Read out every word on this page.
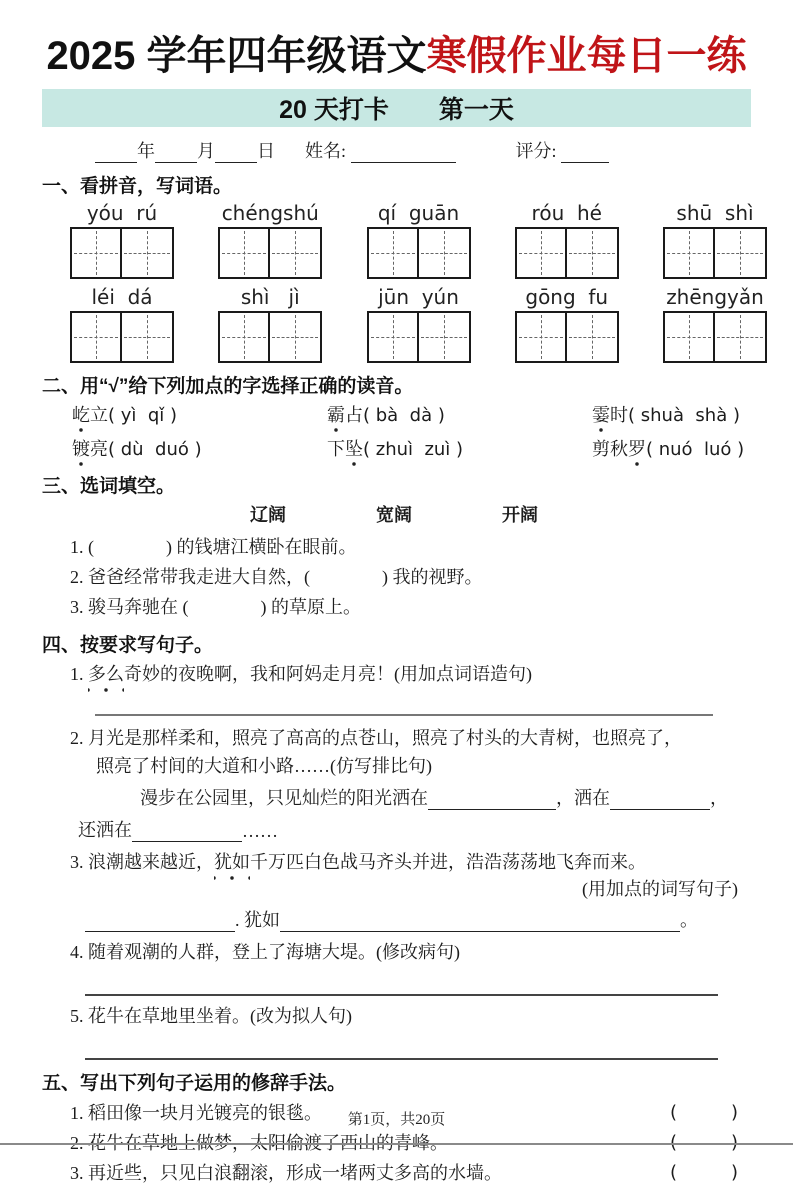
2025 学年四年级语文寒假作业每日一练
20 天打卡　　第一天
年 月 日 姓名:
	评分:

一、看拼音，写词语。
yóu  rú	chéngshú	qí  guān	róu  hé	shū  shì
léi  dá	shì   jì	jūn  yún	gōng  fu	zhēngyǎn
二、用“√”给下列加点的字选择正确的读音。
屹立( yì  qǐ )	霸占( bà  dà )	霎时( shuà  shà )
镀亮( dù  duó )	下坠( zhuì  zuì )	剪秋罗( nuó  luó )
三、选词填空。
辽阔	宽阔	开阔
1. (　　　　) 的钱塘江横卧在眼前。
2. 爸爸经常带我走进大自然，(　　　　) 我的视野。
3. 骏马奔驰在 (　　　　) 的草原上。
四、按要求写句子。
1. 多么奇妙的夜晚啊，我和阿妈走月亮！(用加点词语造句)
2. 月光是那样柔和，照亮了高高的点苍山，照亮了村头的大青树，也照亮了，
照亮了村间的大道和小路……(仿写排比句)
漫步在公园里，只见灿烂的阳光洒在	，洒在	，
还洒在	……
3. 浪潮越来越近，犹如千万匹白色战马齐头并进，浩浩荡荡地飞奔而来。
(用加点的词写句子)
. 犹如	。
4. 随着观潮的人群，登上了海塘大堤。(修改病句)
5. 花牛在草地里坐着。(改为拟人句)
五、写出下列句子运用的修辞手法。
1. 稻田像一块月光镀亮的银毯。	(　　　)
2. 花牛在草地上做梦，太阳偷渡了西山的青峰。	(　　　)
3. 再近些，只见白浪翻滚，形成一堵两丈多高的水墙。	(　　　)
第1页，共20页
